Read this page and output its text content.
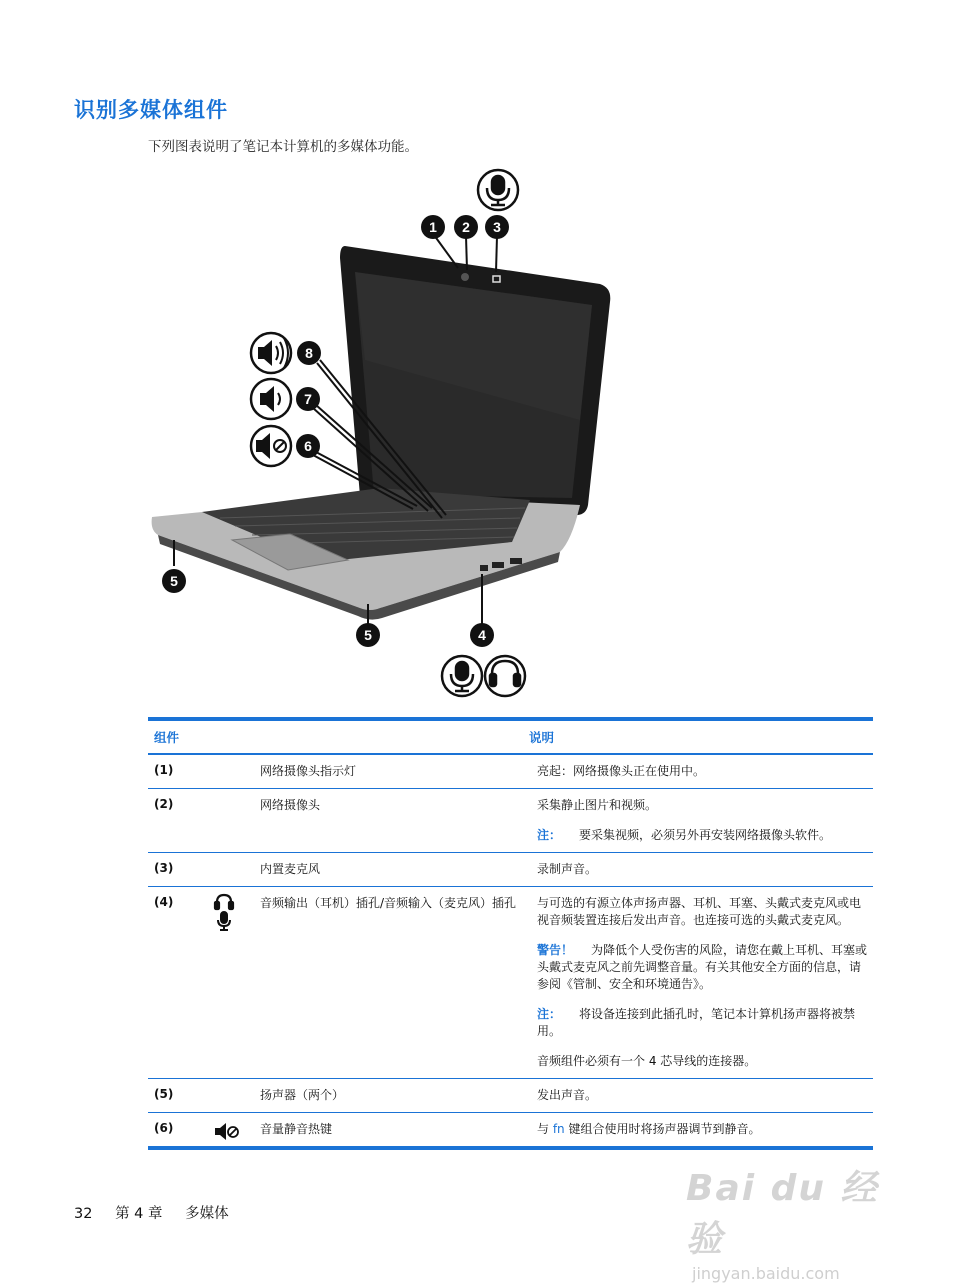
识别多媒体组件
下列图表说明了笔记本计算机的多媒体功能。
1 2 3
8
7
6
5
5	4
组件	说明
(1)	网络摄像头指示灯	亮起：网络摄像头正在使用中。

(2)	网络摄像头	采集静止图片和视频。

注： 要采集视频，必须另外再安装网络摄像头软件。

(3)	内置麦克风	录制声音。

(4)	音频输出（耳机）插孔/音频输入（麦克风）插孔	与可选的有源立体声扬声器、耳机、耳塞、头戴式麦克风或电视音频装置连接后发出声音。也连接可选的头戴式麦克风。

警告！ 为降低个人受伤害的风险，请您在戴上耳机、耳塞或头戴式麦克风之前先调整音量。有关其他安全方面的信息，请参阅《管制、安全和环境通告》。

注： 将设备连接到此插孔时，笔记本计算机扬声器将被禁用。

音频组件必须有一个 4 芯导线的连接器。

(5)	扬声器（两个）	发出声音。

(6)	音量静音热键	与 fn 键组合使用时将扬声器调节到静音。

32 第 4 章 多媒体
Bai du 经验
jingyan.baidu.com
